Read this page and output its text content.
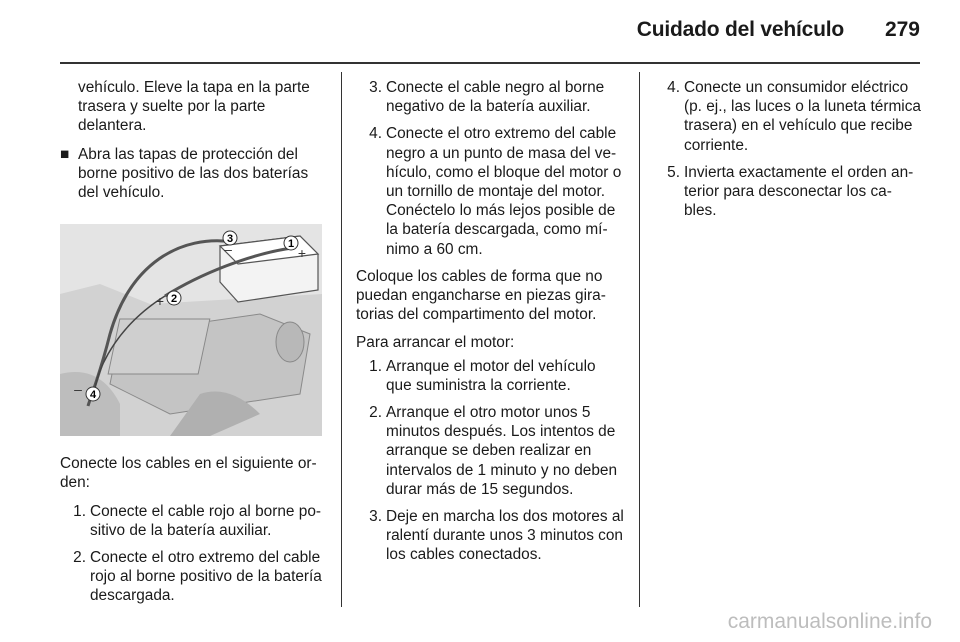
Cuidado del vehículo 279

vehículo. Eleve la tapa en la parte trasera y suelte por la parte delantera.

■ Abra las tapas de protección del borne positivo de las dos baterías del vehículo.

1
2
3
4
+
+
–
–

Conecte los cables en el siguiente or-den:

1. Conecte el cable rojo al borne po-sitivo de la batería auxiliar.
2. Conecte el otro extremo del cable rojo al borne positivo de la batería descargada.
3. Conecte el cable negro al borne negativo de la batería auxiliar.
4. Conecte el otro extremo del cable negro a un punto de masa del ve-hículo, como el bloque del motor o un tornillo de montaje del motor. Conéctelo lo más lejos posible de la batería descargada, como mí-nimo a 60 cm.

Coloque los cables de forma que no puedan engancharse en piezas gira-torias del compartimento del motor.

Para arrancar el motor:

1. Arranque el motor del vehículo que suministra la corriente.
2. Arranque el otro motor unos 5 minutos después. Los intentos de arranque se deben realizar en intervalos de 1 minuto y no deben durar más de 15 segundos.
3. Deje en marcha los dos motores al ralentí durante unos 3 minutos con los cables conectados.
4. Conecte un consumidor eléctrico (p. ej., las luces o la luneta térmica trasera) en el vehículo que recibe corriente.
5. Invierta exactamente el orden an-terior para desconectar los ca-bles.
carmanualsonline.info
